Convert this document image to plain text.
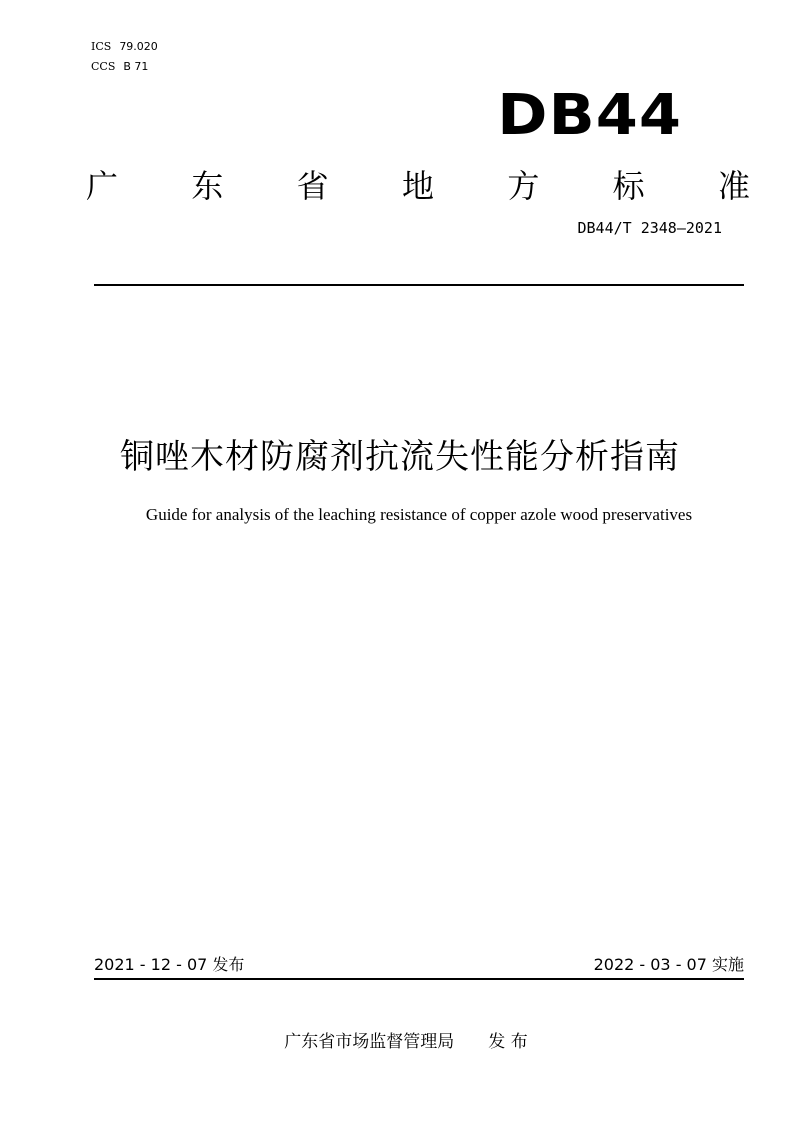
ICS 79.020
CCS B 71
DB44
广 东 省 地 方 标 准
DB44/T 2348—2021
铜唑木材防腐剂抗流失性能分析指南
Guide for analysis of the leaching resistance of copper azole wood preservatives
2021 - 12 - 07 发布	2022 - 03 - 07 实施
广东省市场监督管理局 发 布
